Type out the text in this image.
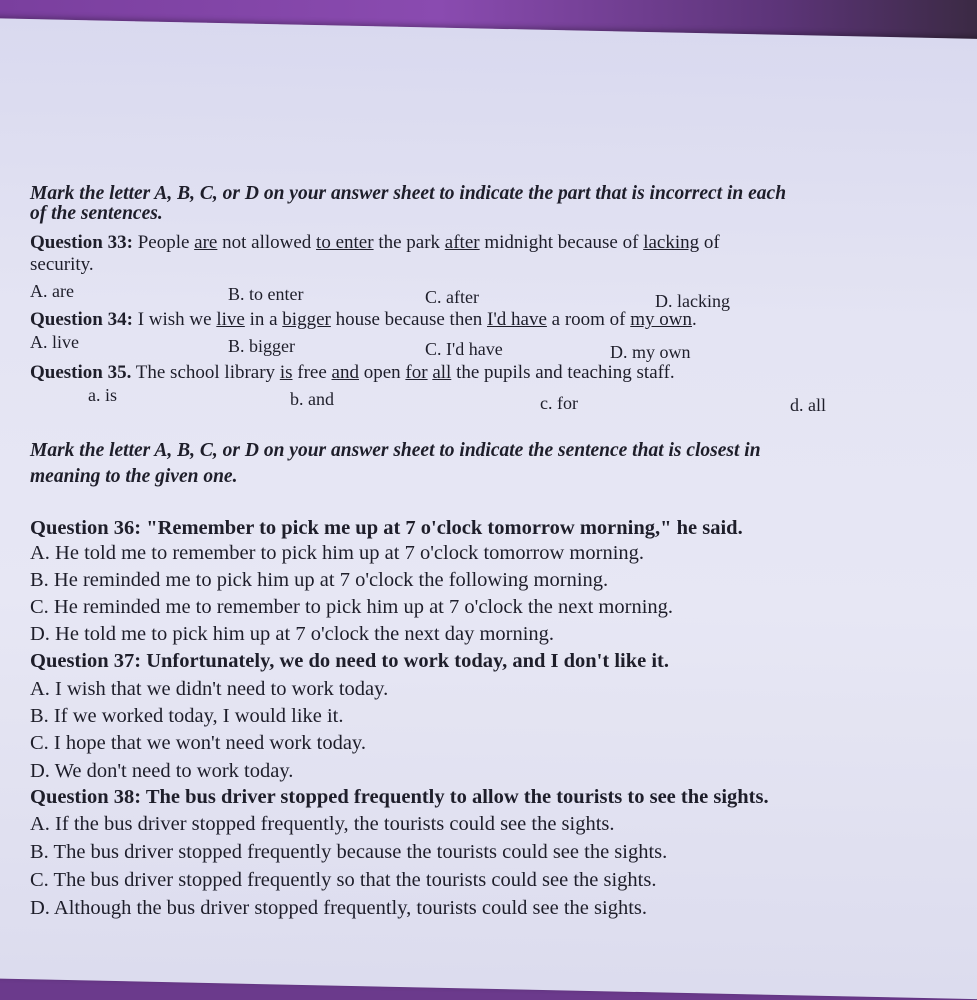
Mark the letter A, B, C, or D on your answer sheet to indicate the part that is incorrect in each
of the sentences.
Question 33: People are not allowed to enter the park after midnight because of lacking of
security.
A. are	B. to enter	C. after	D. lacking
Question 34: I wish we live in a bigger house because then I'd have a room of my own.
A. live	B. bigger	C. I'd have	D. my own
Question 35. The school library is free and open for all the pupils and teaching staff.
a. is	b. and	c. for	d. all
Mark the letter A, B, C, or D on your answer sheet to indicate the sentence that is closest in
meaning to the given one.
Question 36: "Remember to pick me up at 7 o'clock tomorrow morning," he said.
A. He told me to remember to pick him up at 7 o'clock tomorrow morning.
B. He reminded me to pick him up at 7 o'clock the following morning.
C. He reminded me to remember to pick him up at 7 o'clock the next morning.
D. He told me to pick him up at 7 o'clock the next day morning.
Question 37: Unfortunately, we do need to work today, and I don't like it.
A. I wish that we didn't need to work today.
B. If we worked today, I would like it.
C. I hope that we won't need work today.
D. We don't need to work today.
Question 38: The bus driver stopped frequently to allow the tourists to see the sights.
A. If the bus driver stopped frequently, the tourists could see the sights.
B. The bus driver stopped frequently because the tourists could see the sights.
C. The bus driver stopped frequently so that the tourists could see the sights.
D. Although the bus driver stopped frequently, tourists could see the sights.
